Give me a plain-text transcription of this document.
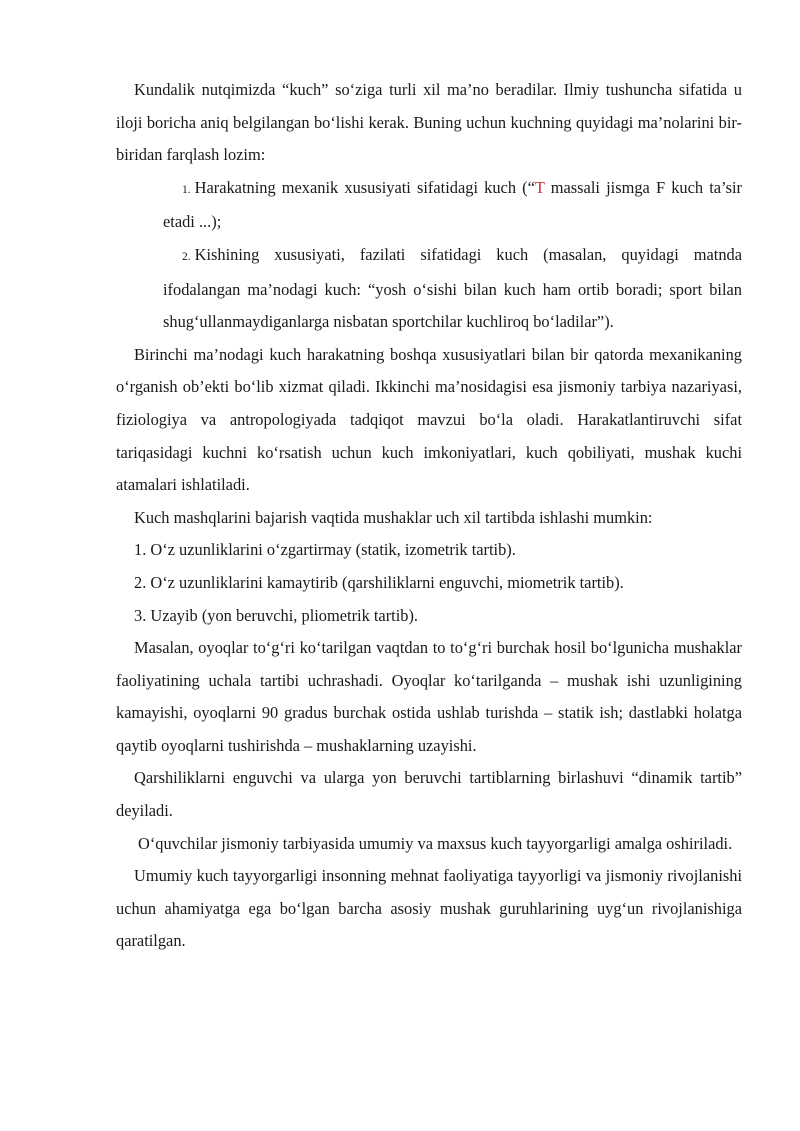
Kundalik nutqimizda “kuch” so‘ziga turli xil ma’no beradilar. Ilmiy tushuncha sifatida u iloji boricha aniq belgilangan bo‘lishi kerak. Buning uchun kuchning quyidagi ma’nolarini bir-biridan farqlash lozim:

1. Harakatning mexanik xususiyati sifatidagi kuch (“T massali jismga F kuch ta’sir etadi ...);

2. Kishining xususiyati, fazilati sifatidagi kuch (masalan, quyidagi matnda ifodalangan ma’nodagi kuch: “yosh o‘sishi bilan kuch ham ortib boradi; sport bilan shug‘ullanmaydiganlarga nisbatan sportchilar kuchliroq bo‘ladilar”).

Birinchi ma’nodagi kuch harakatning boshqa xususiyatlari bilan bir qatorda mexanikaning o‘rganish ob’ekti bo‘lib xizmat qiladi. Ikkinchi ma’nosidagisi esa jismoniy tarbiya nazariyasi, fiziologiya va antropologiyada tadqiqot mavzui bo‘la oladi. Harakatlantiruvchi sifat tariqasidagi kuchni ko‘rsatish uchun kuch imkoniyatlari, kuch qobiliyati, mushak kuchi atamalari ishlatiladi.

Kuch mashqlarini bajarish vaqtida mushaklar uch xil tartibda ishlashi mumkin:

1. O‘z uzunliklarini o‘zgartirmay (statik, izometrik tartib).

2. O‘z uzunliklarini kamaytirib (qarshiliklarni enguvchi, miometrik tartib).

3. Uzayib (yon beruvchi, pliometrik tartib).

Masalan, oyoqlar to‘g‘ri ko‘tarilgan vaqtdan to to‘g‘ri burchak hosil bo‘lgunicha mushaklar faoliyatining uchala tartibi uchrashadi. Oyoqlar ko‘tarilganda – mushak ishi uzunligining kamayishi, oyoqlarni 90 gradus burchak ostida ushlab turishda – statik ish; dastlabki holatga qaytib oyoqlarni tushirishda – mushaklarning uzayishi.

Qarshiliklarni enguvchi va ularga yon beruvchi tartiblarning birlashuvi “dinamik tartib” deyiladi.

O‘quvchilar jismoniy tarbiyasida umumiy va maxsus kuch tayyorgarligi amalga oshiriladi.

Umumiy kuch tayyorgarligi insonning mehnat faoliyatiga tayyorligi va jismoniy rivojlanishi uchun ahamiyatga ega bo‘lgan barcha asosiy mushak guruhlarining uyg‘un rivojlanishiga qaratilgan.
